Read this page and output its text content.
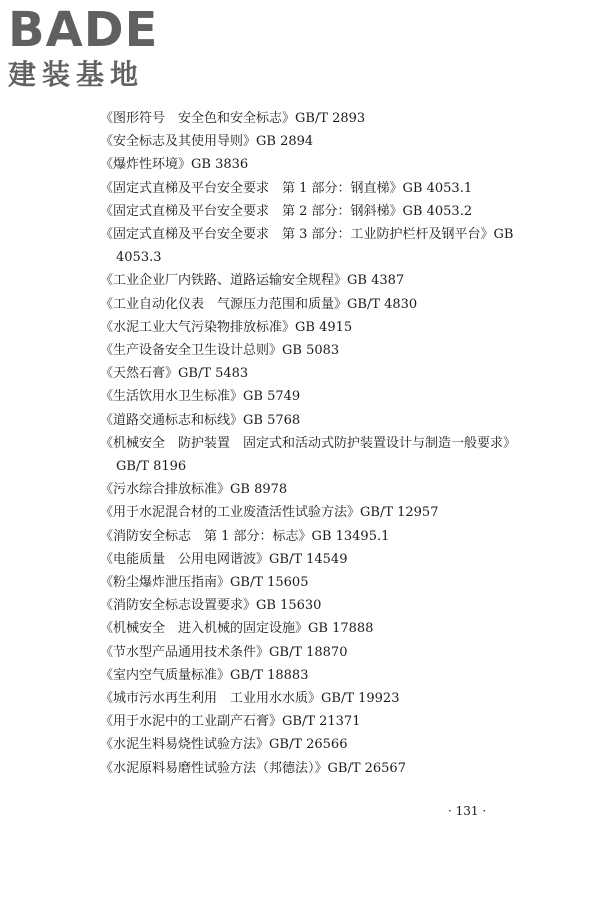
BADE
建装基地
《图形符号　安全色和安全标志》GB/T 2893
《安全标志及其使用导则》GB 2894
《爆炸性环境》GB 3836
《固定式直梯及平台安全要求　第 1 部分：钢直梯》GB 4053.1
《固定式直梯及平台安全要求　第 2 部分：钢斜梯》GB 4053.2
《固定式直梯及平台安全要求　第 3 部分：工业防护栏杆及钢平台》GB 4053.3
《工业企业厂内铁路、道路运输安全规程》GB 4387
《工业自动化仪表　气源压力范围和质量》GB/T 4830
《水泥工业大气污染物排放标准》GB 4915
《生产设备安全卫生设计总则》GB 5083
《天然石膏》GB/T 5483
《生活饮用水卫生标准》GB 5749
《道路交通标志和标线》GB 5768
《机械安全　防护装置　固定式和活动式防护装置设计与制造一般要求》GB/T 8196
《污水综合排放标准》GB 8978
《用于水泥混合材的工业废渣活性试验方法》GB/T 12957
《消防安全标志　第 1 部分：标志》GB 13495.1
《电能质量　公用电网谐波》GB/T 14549
《粉尘爆炸泄压指南》GB/T 15605
《消防安全标志设置要求》GB 15630
《机械安全　进入机械的固定设施》GB 17888
《节水型产品通用技术条件》GB/T 18870
《室内空气质量标准》GB/T 18883
《城市污水再生利用　工业用水水质》GB/T 19923
《用于水泥中的工业副产石膏》GB/T 21371
《水泥生料易烧性试验方法》GB/T 26566
《水泥原料易磨性试验方法（邦德法）》GB/T 26567
· 131 ·
